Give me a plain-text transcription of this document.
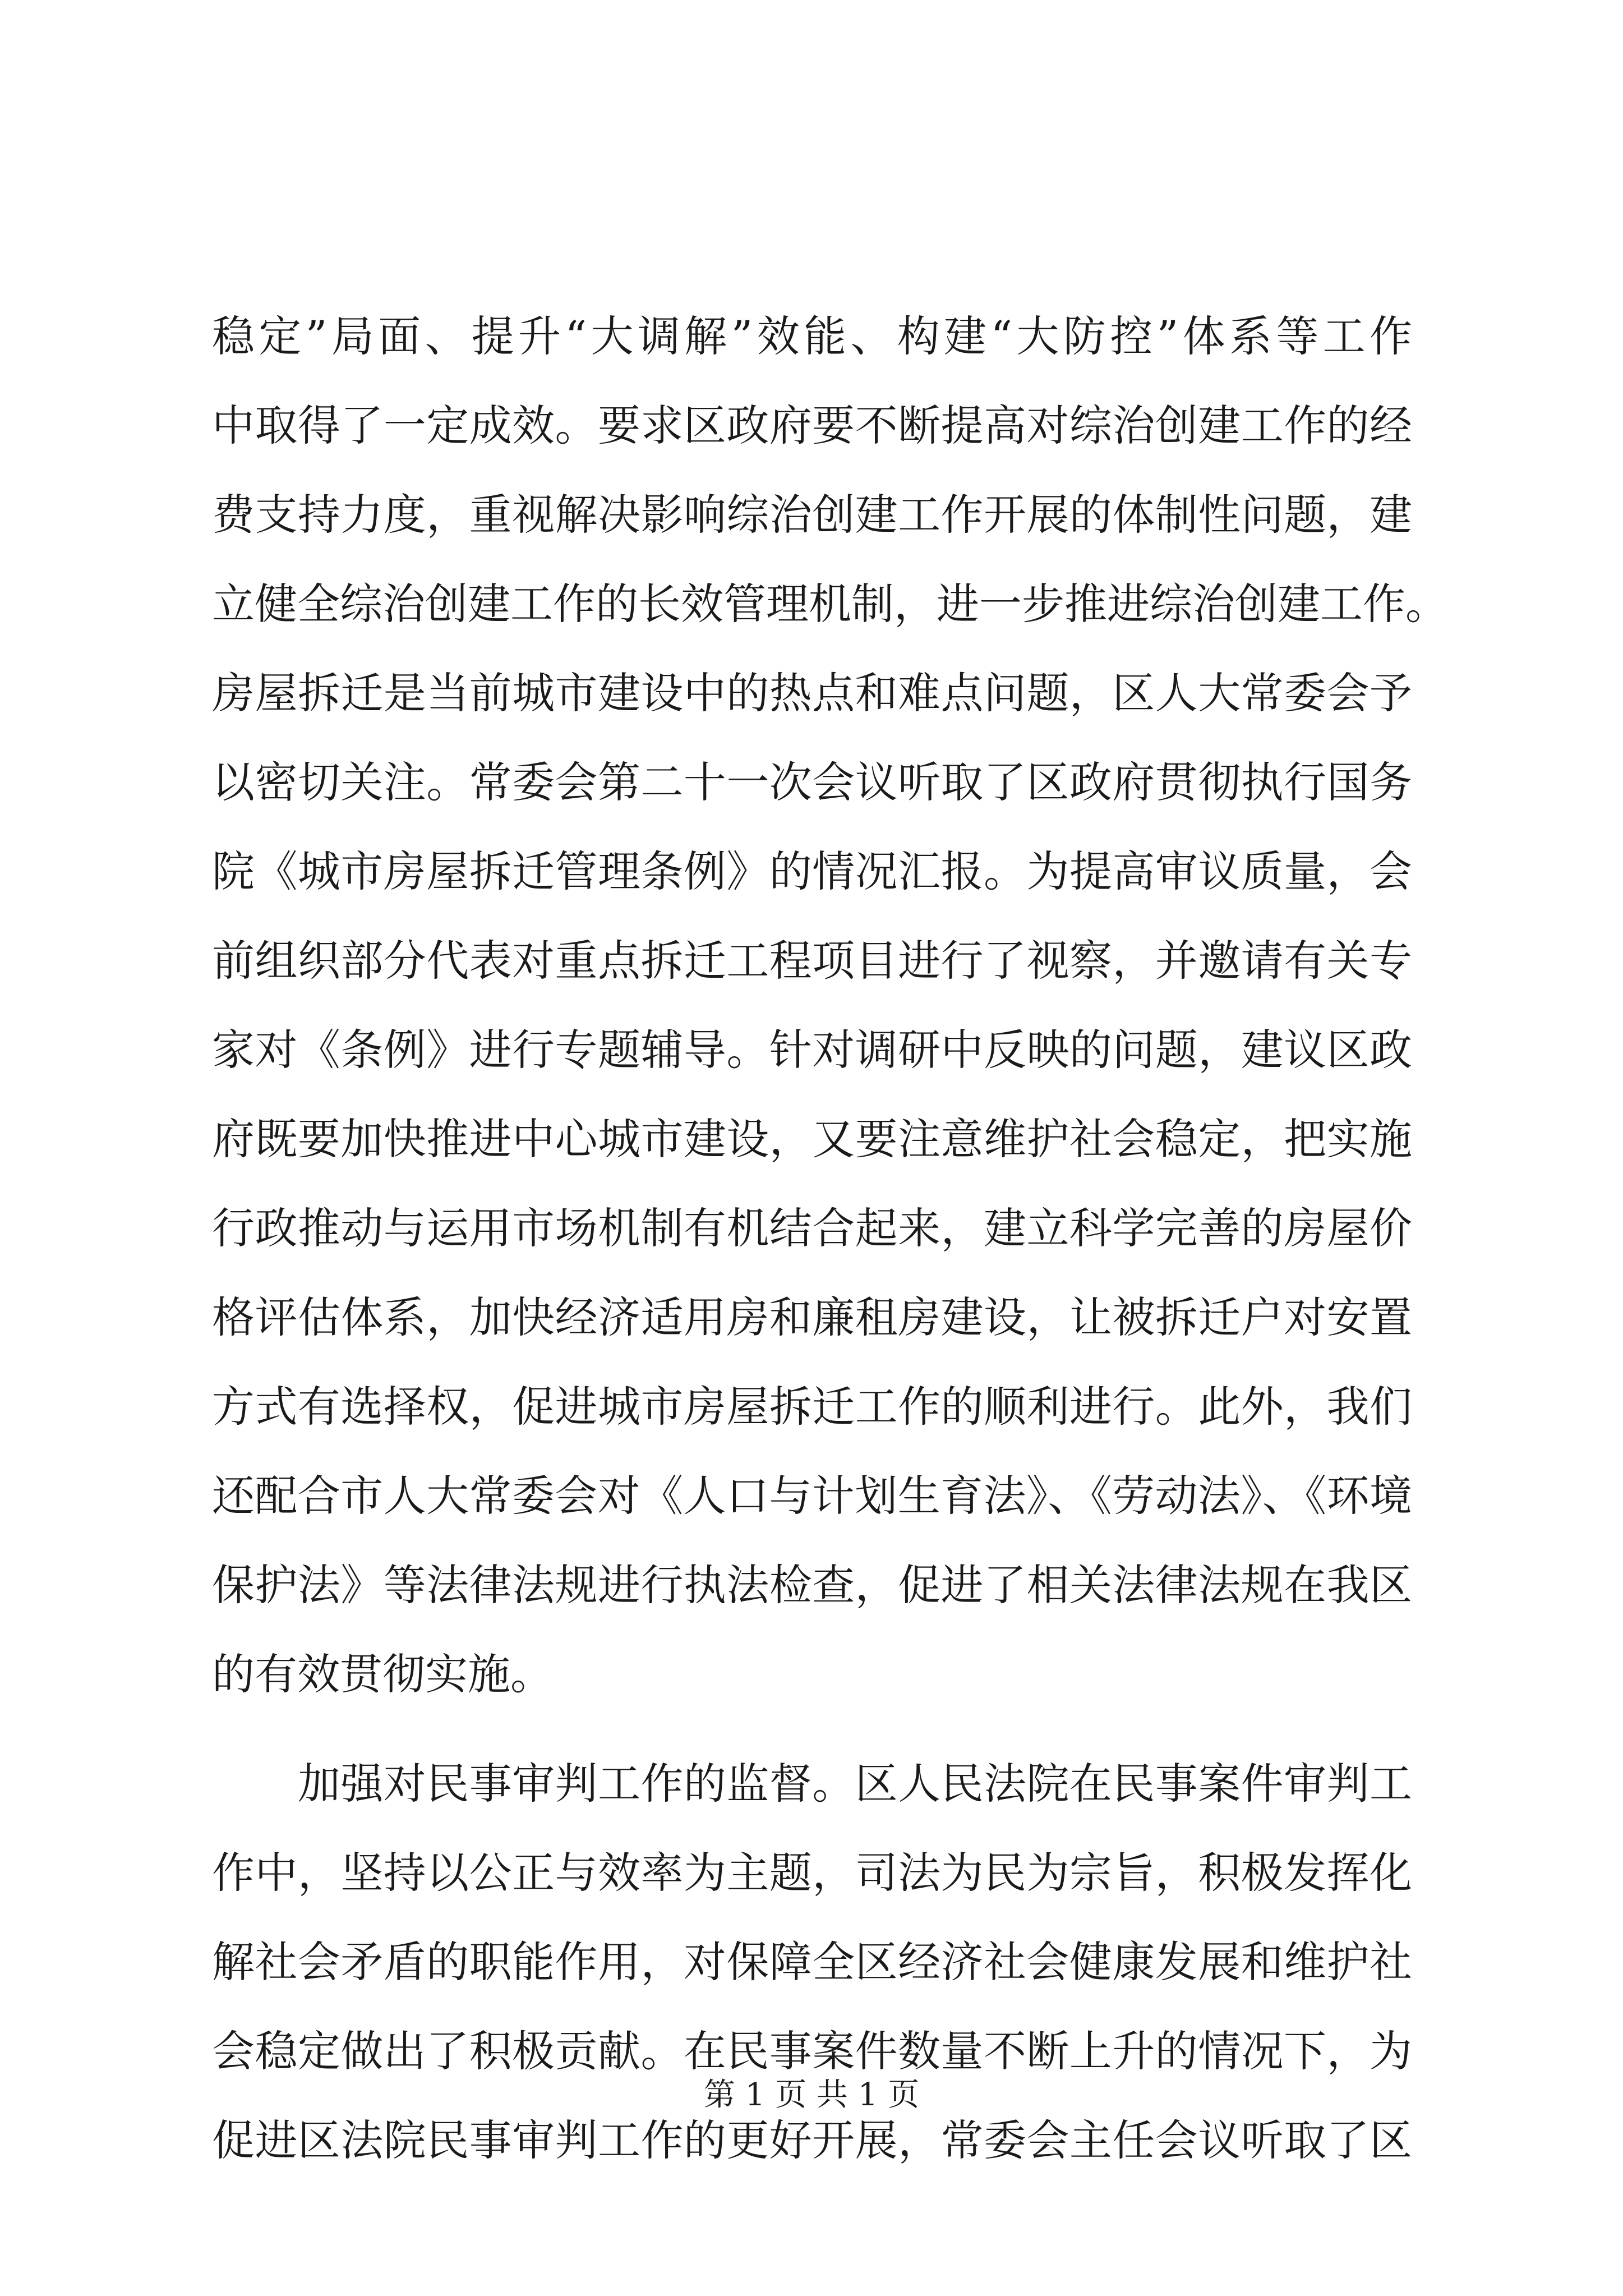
稳定”局面、提升“大调解”效能、构建“大防控”体系等工作
中取得了一定成效。要求区政府要不断提高对综治创建工作的经
费支持力度，重视解决影响综治创建工作开展的体制性问题，建
立健全综治创建工作的长效管理机制，进一步推进综治创建工作。
房屋拆迁是当前城市建设中的热点和难点问题，区人大常委会予
以密切关注。常委会第二十一次会议听取了区政府贯彻执行国务
院《城市房屋拆迁管理条例》的情况汇报。为提高审议质量，会
前组织部分代表对重点拆迁工程项目进行了视察，并邀请有关专
家对《条例》进行专题辅导。针对调研中反映的问题，建议区政
府既要加快推进中心城市建设，又要注意维护社会稳定，把实施
行政推动与运用市场机制有机结合起来，建立科学完善的房屋价
格评估体系，加快经济适用房和廉租房建设，让被拆迁户对安置
方式有选择权，促进城市房屋拆迁工作的顺利进行。此外，我们
还配合市人大常委会对《人口与计划生育法》、《劳动法》、《环境
保护法》等法律法规进行执法检查，促进了相关法律法规在我区
的有效贯彻实施。
　　加强对民事审判工作的监督。区人民法院在民事案件审判工
作中，坚持以公正与效率为主题，司法为民为宗旨，积极发挥化
解社会矛盾的职能作用，对保障全区经济社会健康发展和维护社
会稳定做出了积极贡献。在民事案件数量不断上升的情况下，为
促进区法院民事审判工作的更好开展，常委会主任会议听取了区
第 1 页 共 1 页
